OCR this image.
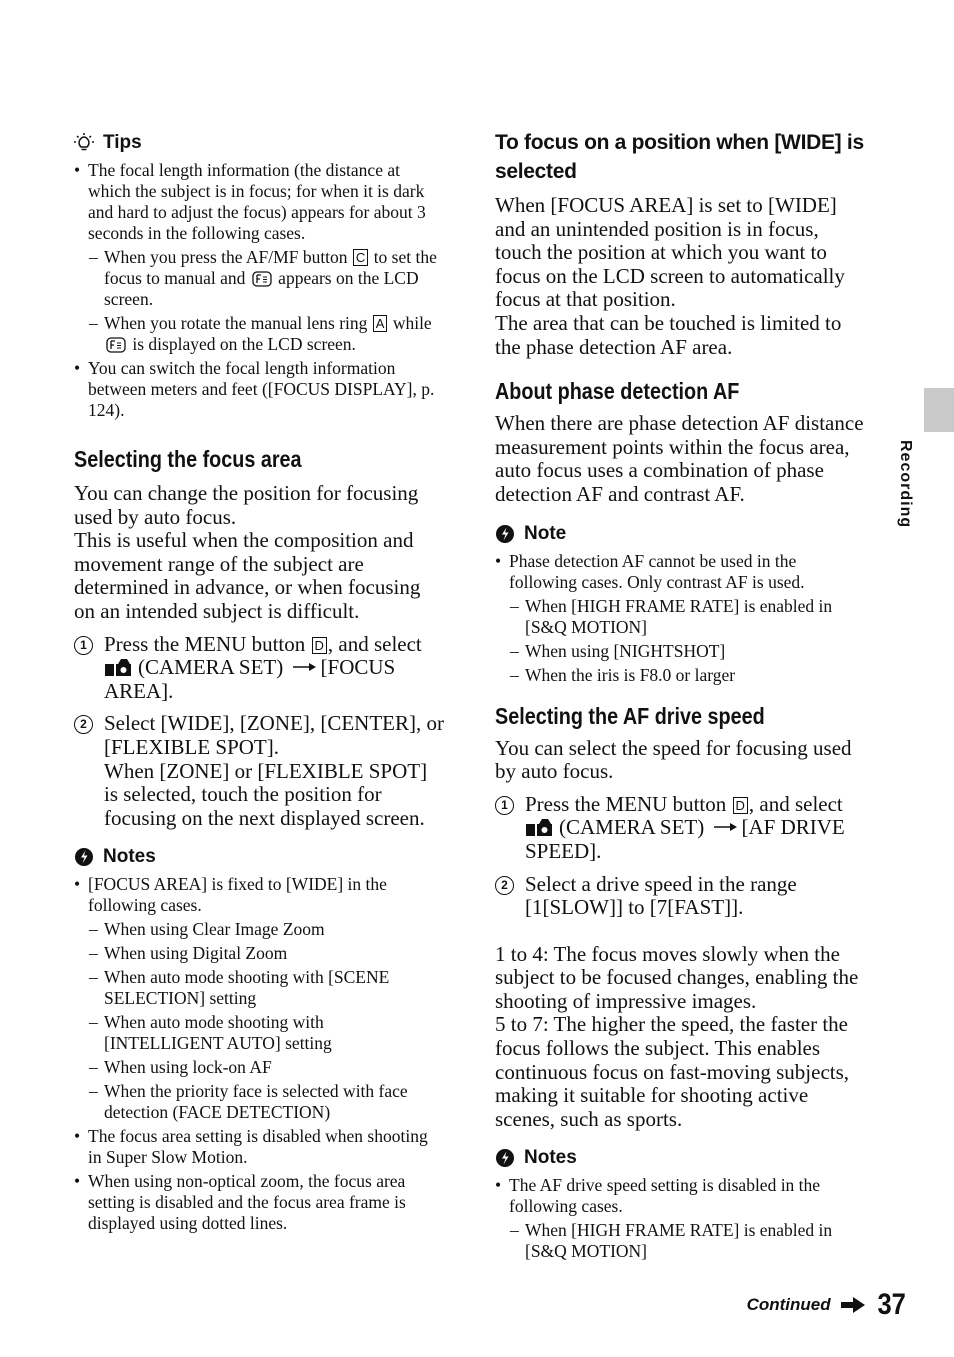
Tips
• The focal length information (the distance at which the subject is in focus; for when it is dark and hard to adjust the focus) appears for about 3 seconds in the following cases.
– When you press the AF/MF button C to set the focus to manual and appears on the LCD screen.
– When you rotate the manual lens ring A while  is displayed on the LCD screen.
• You can switch the focal length information between meters and feet ([FOCUS DISPLAY], p. 124).
Selecting the focus area
You can change the position for focusing used by auto focus.
This is useful when the composition and movement range of the subject are determined in advance, or when focusing on an intended subject is difficult.
1 Press the MENU button D , and select
(CAMERA SET) [FOCUS AREA].
2 Select [WIDE], [ZONE], [CENTER], or [FLEXIBLE SPOT].
When [ZONE] or [FLEXIBLE SPOT] is selected, touch the position for focusing on the next displayed screen.
Notes
• [FOCUS AREA] is fixed to [WIDE] in the following cases.
– When using Clear Image Zoom
– When using Digital Zoom
– When auto mode shooting with [SCENE SELECTION] setting
– When auto mode shooting with [INTELLIGENT AUTO] setting
– When using lock-on AF
– When the priority face is selected with face detection (FACE DETECTION)
• The focus area setting is disabled when shooting in Super Slow Motion.
• When using non-optical zoom, the focus area setting is disabled and the focus area frame is displayed using dotted lines.
To focus on a position when [WIDE] is selected
When [FOCUS AREA] is set to [WIDE] and an unintended position is in focus, touch the position at which you want to focus on the LCD screen to automatically focus at that position.
The area that can be touched is limited to the phase detection AF area.
About phase detection AF
When there are phase detection AF distance measurement points within the focus area, auto focus uses a combination of phase detection AF and contrast AF.
Note
• Phase detection AF cannot be used in the following cases. Only contrast AF is used.
– When [HIGH FRAME RATE] is enabled in [S&Q MOTION]
– When using [NIGHTSHOT]
– When the iris is F8.0 or larger
Selecting the AF drive speed
You can select the speed for focusing used by auto focus.
1 Press the MENU button D , and select
(CAMERA SET) [AF DRIVE SPEED].
2 Select a drive speed in the range [1[SLOW]] to [7[FAST]].
1 to 4: The focus moves slowly when the subject to be focused changes, enabling the shooting of impressive images.
5 to 7: The higher the speed, the faster the focus follows the subject. This enables continuous focus on fast-moving subjects, making it suitable for shooting active scenes, such as sports.
Notes
• The AF drive speed setting is disabled in the following cases.
– When [HIGH FRAME RATE] is enabled in [S&Q MOTION]
Recording
Continued 37
